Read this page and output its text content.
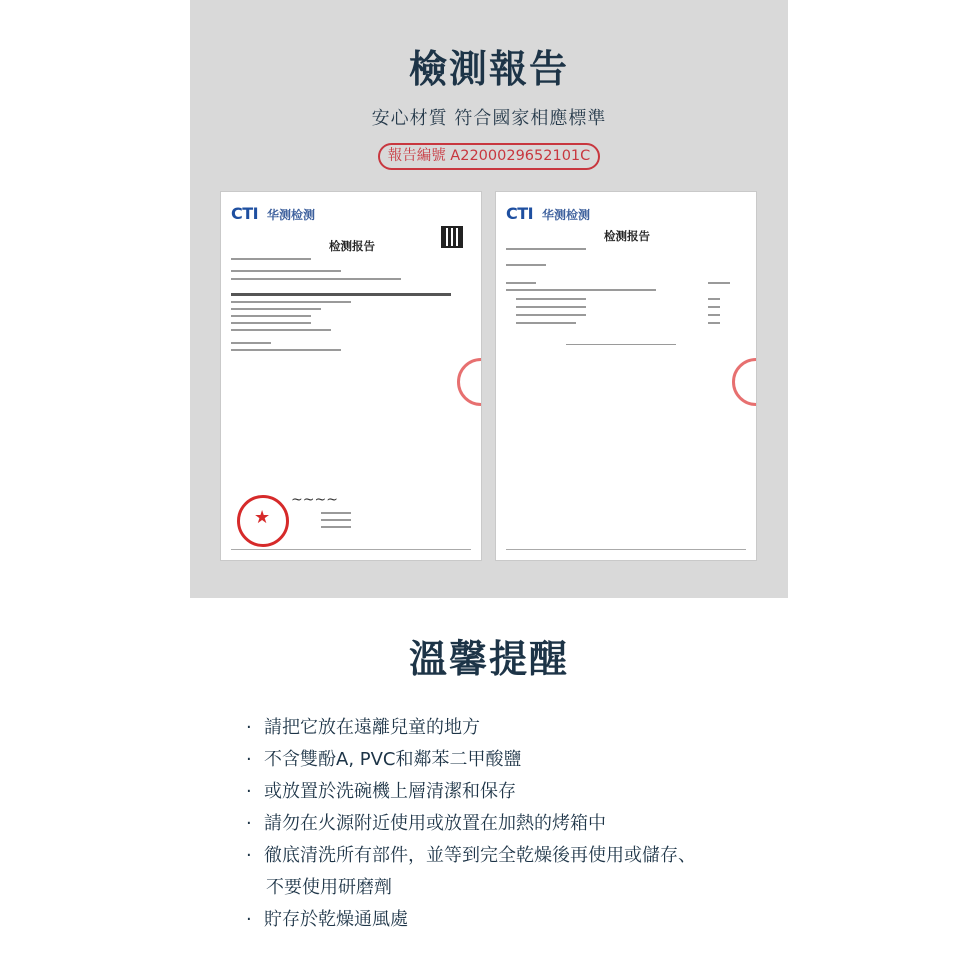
檢測報告
安心材質 符合國家相應標準
報告編號 A2200029652101C
CTI 华测检测
检测报告
★
~~~~
CTI 华测检测
检测报告
溫馨提醒
· 請把它放在遠離兒童的地方
· 不含雙酚A, PVC和鄰苯二甲酸鹽
· 或放置於洗碗機上層清潔和保存
· 請勿在火源附近使用或放置在加熱的烤箱中
· 徹底清洗所有部件，並等到完全乾燥後再使用或儲存、
不要使用研磨劑
· 貯存於乾燥通風處
